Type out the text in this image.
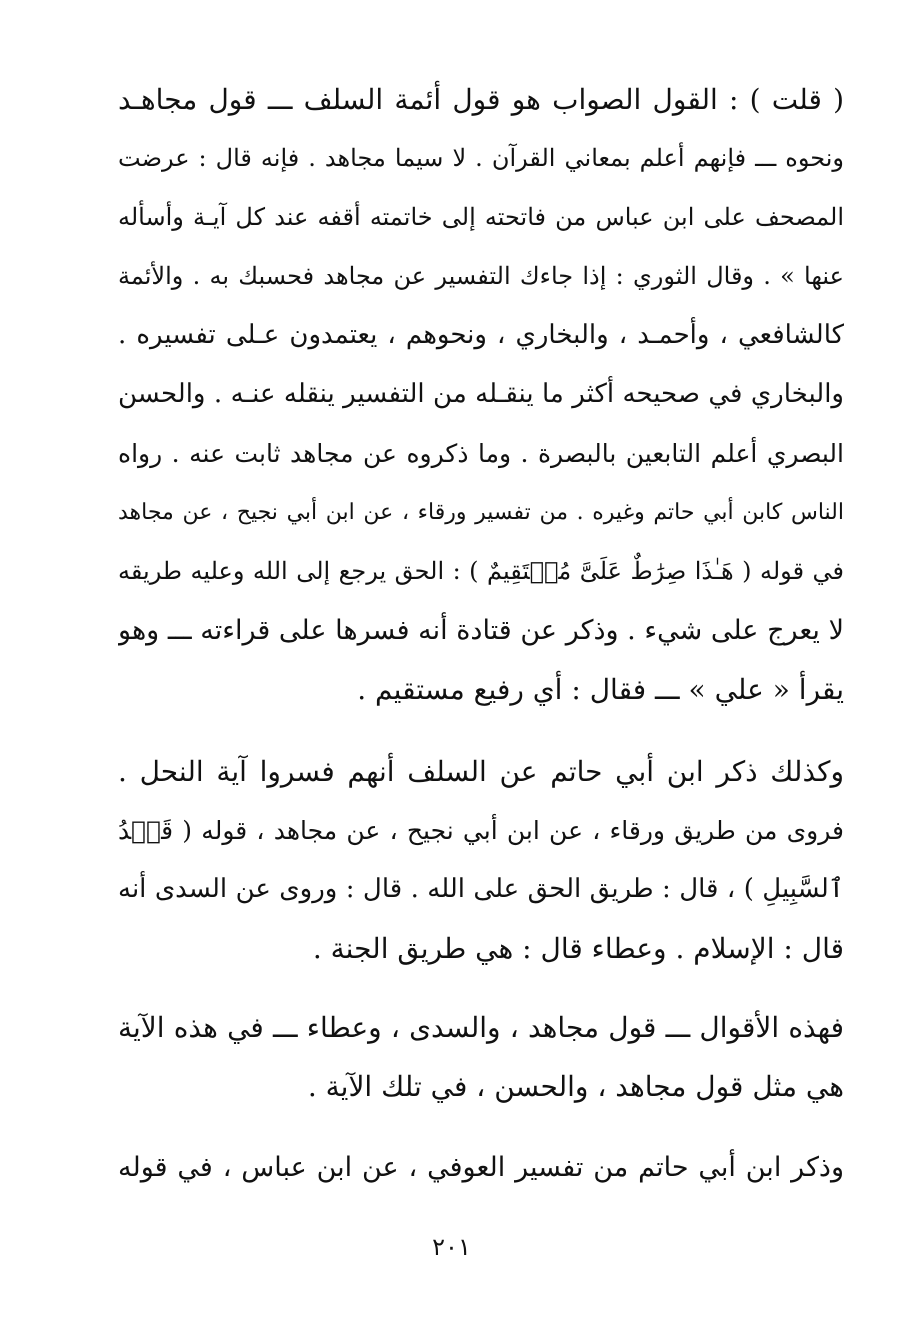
( قلت ) : القول الصواب هو قول أئمة السلف ـــ قول مجاهـد
ونحوه ـــ فإنهم أعلم بمعاني القرآن . لا سيما مجاهد . فإنه قال : عرضت
المصحف على ابن عباس من فاتحته إلى خاتمته أقفه عند كل آيـة وأسأله
عنها » . وقال الثوري : إذا جاءك التفسير عن مجاهد فحسبك به . والأئمة
كالشافعي ، وأحمـد ، والبخاري ، ونحوهم ، يعتمدون عـلى تفسيره .
والبخاري في صحيحه أكثر ما ينقـله من التفسير ينقله عنـه . والحسن
البصري أعلم التابعين بالبصرة . وما ذكروه عن مجاهد ثابت عنه . رواه
الناس كابن أبي حاتم وغيره . من تفسير ورقاء ، عن ابن أبي نجيح ، عن مجاهد
في قوله ( هَـٰذَا صِرَٰطٌ عَلَىَّ مُسۡتَقِيمٌ ) : الحق يرجع إلى الله وعليه طريقه
لا يعرج على شيء . وذكر عن قتادة أنه فسرها على قراءته ـــ وهو
يقرأ « علي » ـــ فقال : أي رفيع مستقيم .
وكذلك ذكر ابن أبي حاتم عن السلف أنهم فسروا آية النحل .
فروى من طريق ورقاء ، عن ابن أبي نجيح ، عن مجاهد ، قوله ( قَصۡدُ
ٱلسَّبِيلِ ) ، قال : طريق الحق على الله . قال : وروى عن السدى أنه
قال : الإسلام . وعطاء قال : هي طريق الجنة .
فهذه الأقوال ـــ قول مجاهد ، والسدى ، وعطاء ـــ في هذه الآية
هي مثل قول مجاهد ، والحسن ، في تلك الآية .
وذكر ابن أبي حاتم من تفسير العوفي ، عن ابن عباس ، في قوله
٢٠١
